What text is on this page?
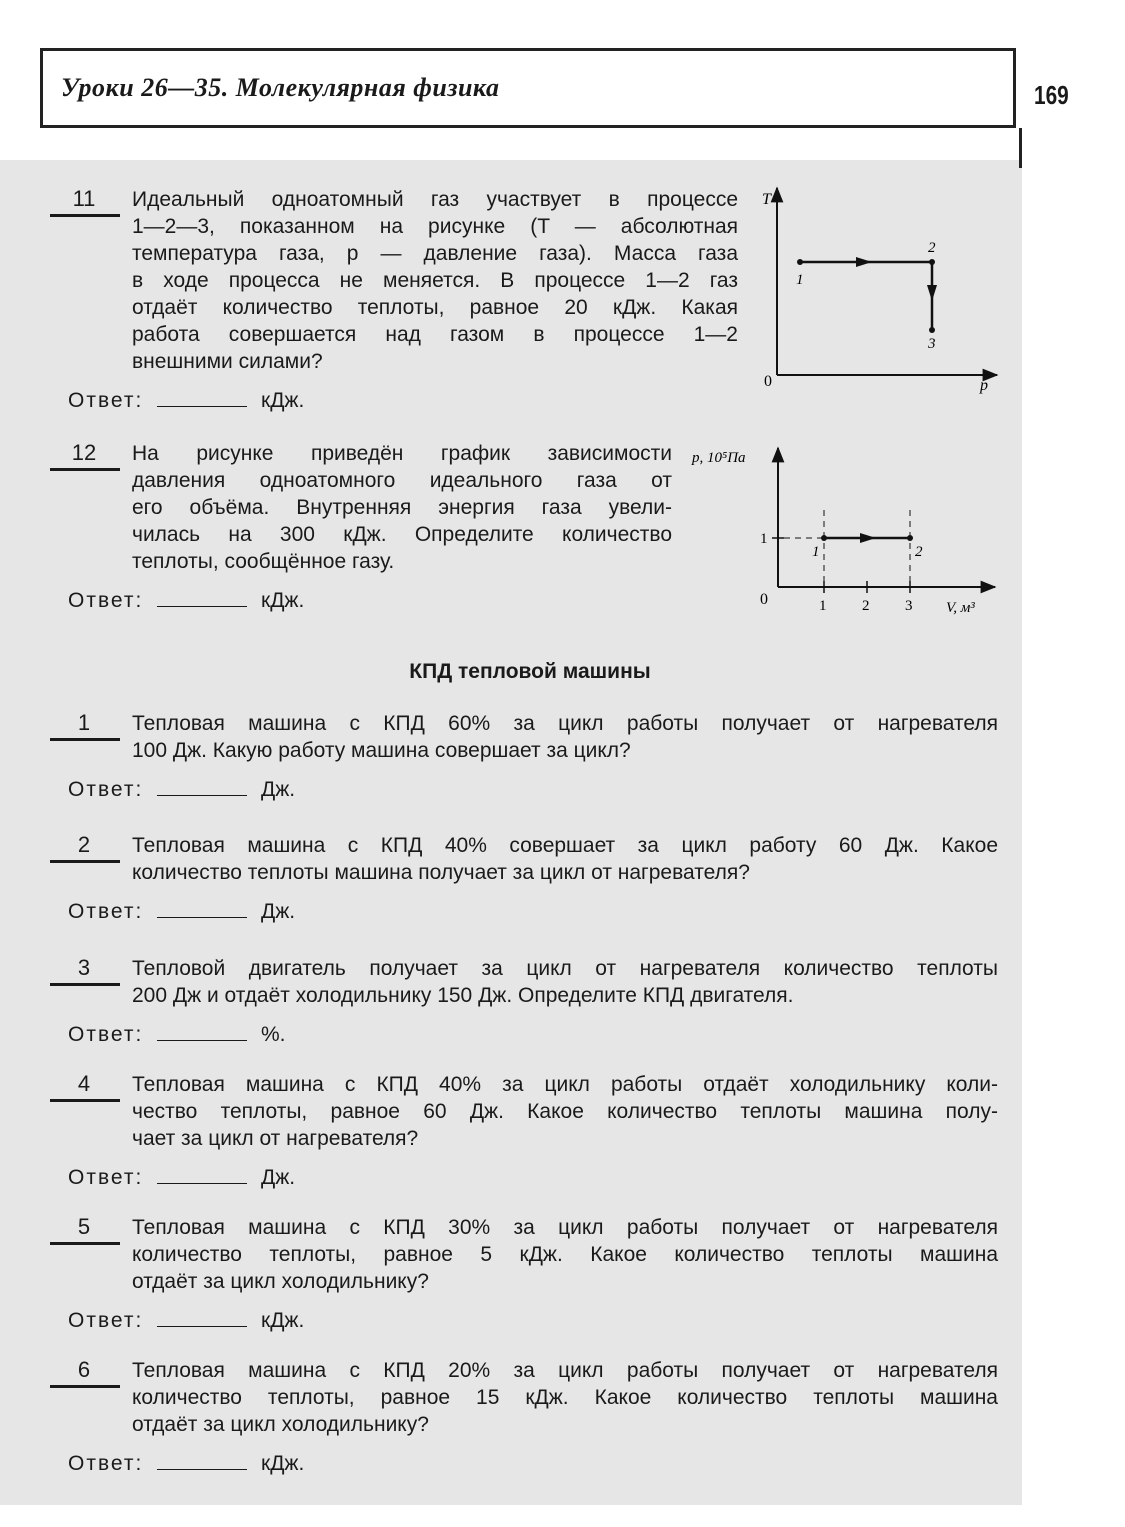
Уроки 26—35. Молекулярная физика	169
11	Идеальный одноатомный газ участвует в процессе
1—2—3, показанном на рисунке (T — абсолютная
температура газа, p — давление газа). Масса газа
в ходе процесса не меняется. В процессе 1—2 газ
отдаёт количество теплоты, равное 20 кДж. Какая
работа совершается над газом в процессе 1—2
внешними силами?
Ответ:	кДж.
T
p
0
1
2
3
12	На рисунке приведён график зависимости
давления одноатомного идеального газа от
его объёма. Внутренняя энергия газа увели-
чилась на 300 кДж. Определите количество
теплоты, сообщённое газу.
Ответ:	кДж.
p, 10⁵Па
V, м³
0
1
1 2 3
1	2
КПД тепловой машины
1	Тепловая машина с КПД 60% за цикл работы получает от нагревателя
100 Дж. Какую работу машина совершает за цикл?
Ответ:	Дж.
2	Тепловая машина с КПД 40% совершает за цикл работу 60 Дж. Какое
количество теплоты машина получает за цикл от нагревателя?
Ответ:	Дж.
3	Тепловой двигатель получает за цикл от нагревателя количество теплоты
200 Дж и отдаёт холодильнику 150 Дж. Определите КПД двигателя.
Ответ:	%.
4	Тепловая машина с КПД 40% за цикл работы отдаёт холодильнику коли-
чество теплоты, равное 60 Дж. Какое количество теплоты машина полу-
чает за цикл от нагревателя?
Ответ:	Дж.
5	Тепловая машина с КПД 30% за цикл работы получает от нагревателя
количество теплоты, равное 5 кДж. Какое количество теплоты машина
отдаёт за цикл холодильнику?
Ответ:	кДж.
6	Тепловая машина с КПД 20% за цикл работы получает от нагревателя
количество теплоты, равное 15 кДж. Какое количество теплоты машина
отдаёт за цикл холодильнику?
Ответ:	кДж.
